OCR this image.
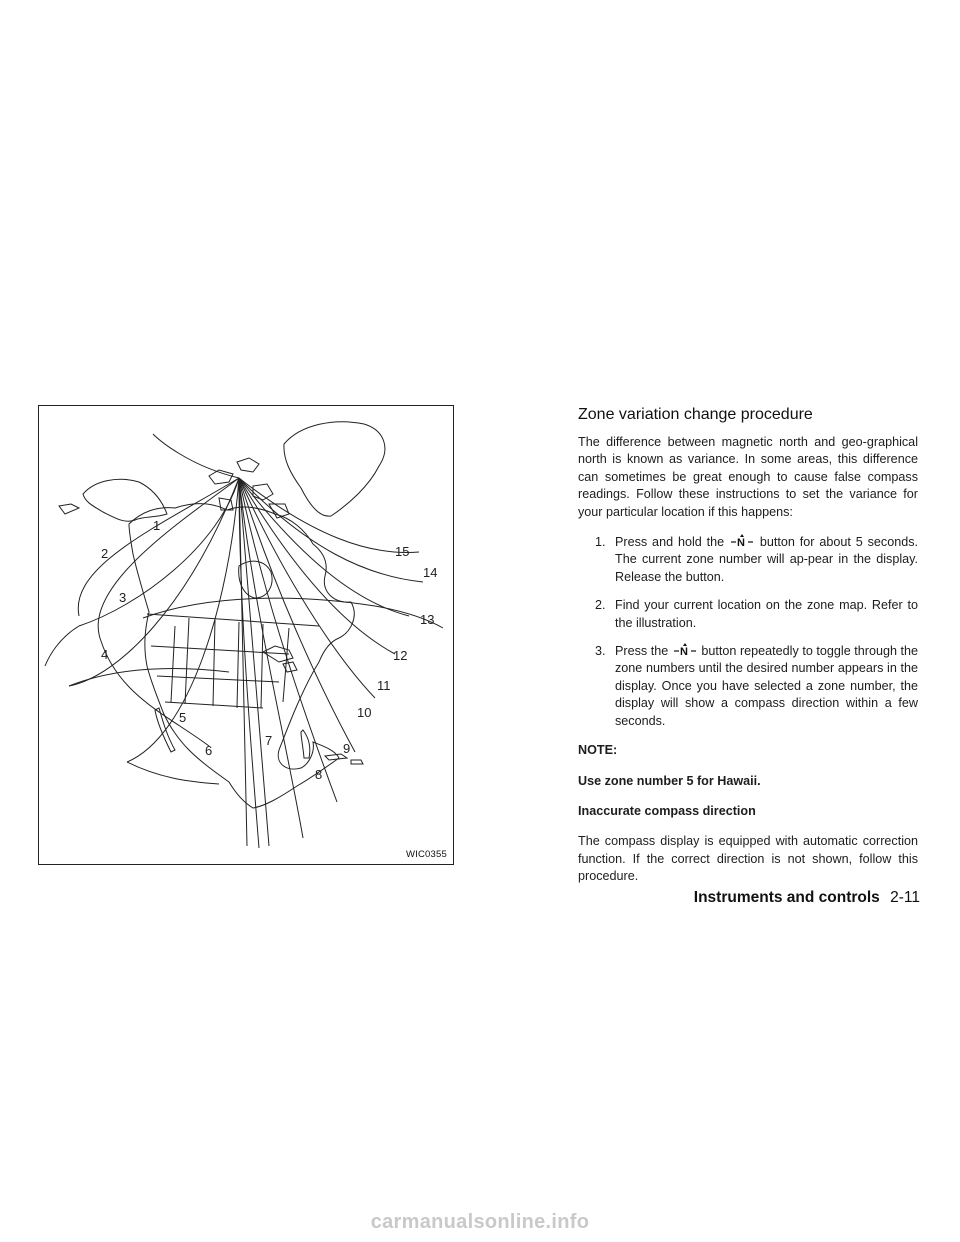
1
2
3
4
5
6
7
8
9
10
11
12
13
14
15
WIC0355
Zone variation change procedure

The difference between magnetic north and geo-graphical north is known as variance. In some areas, this difference can sometimes be great enough to cause false compass readings. Follow these instructions to set the variance for your particular location if this happens:

1. Press and hold the N button for about 5 seconds. The current zone number will ap-pear in the display. Release the button.
2. Find your current location on the zone map. Refer to the illustration.
3. Press the N button repeatedly to toggle through the zone numbers until the desired number appears in the display. Once you have selected a zone number, the display will show a compass direction within a few seconds.

NOTE:

Use zone number 5 for Hawaii.

Inaccurate compass direction

The compass display is equipped with automatic correction function. If the correct direction is not shown, follow this procedure.

Instruments and controls 2-11
carmanualsonline.info
